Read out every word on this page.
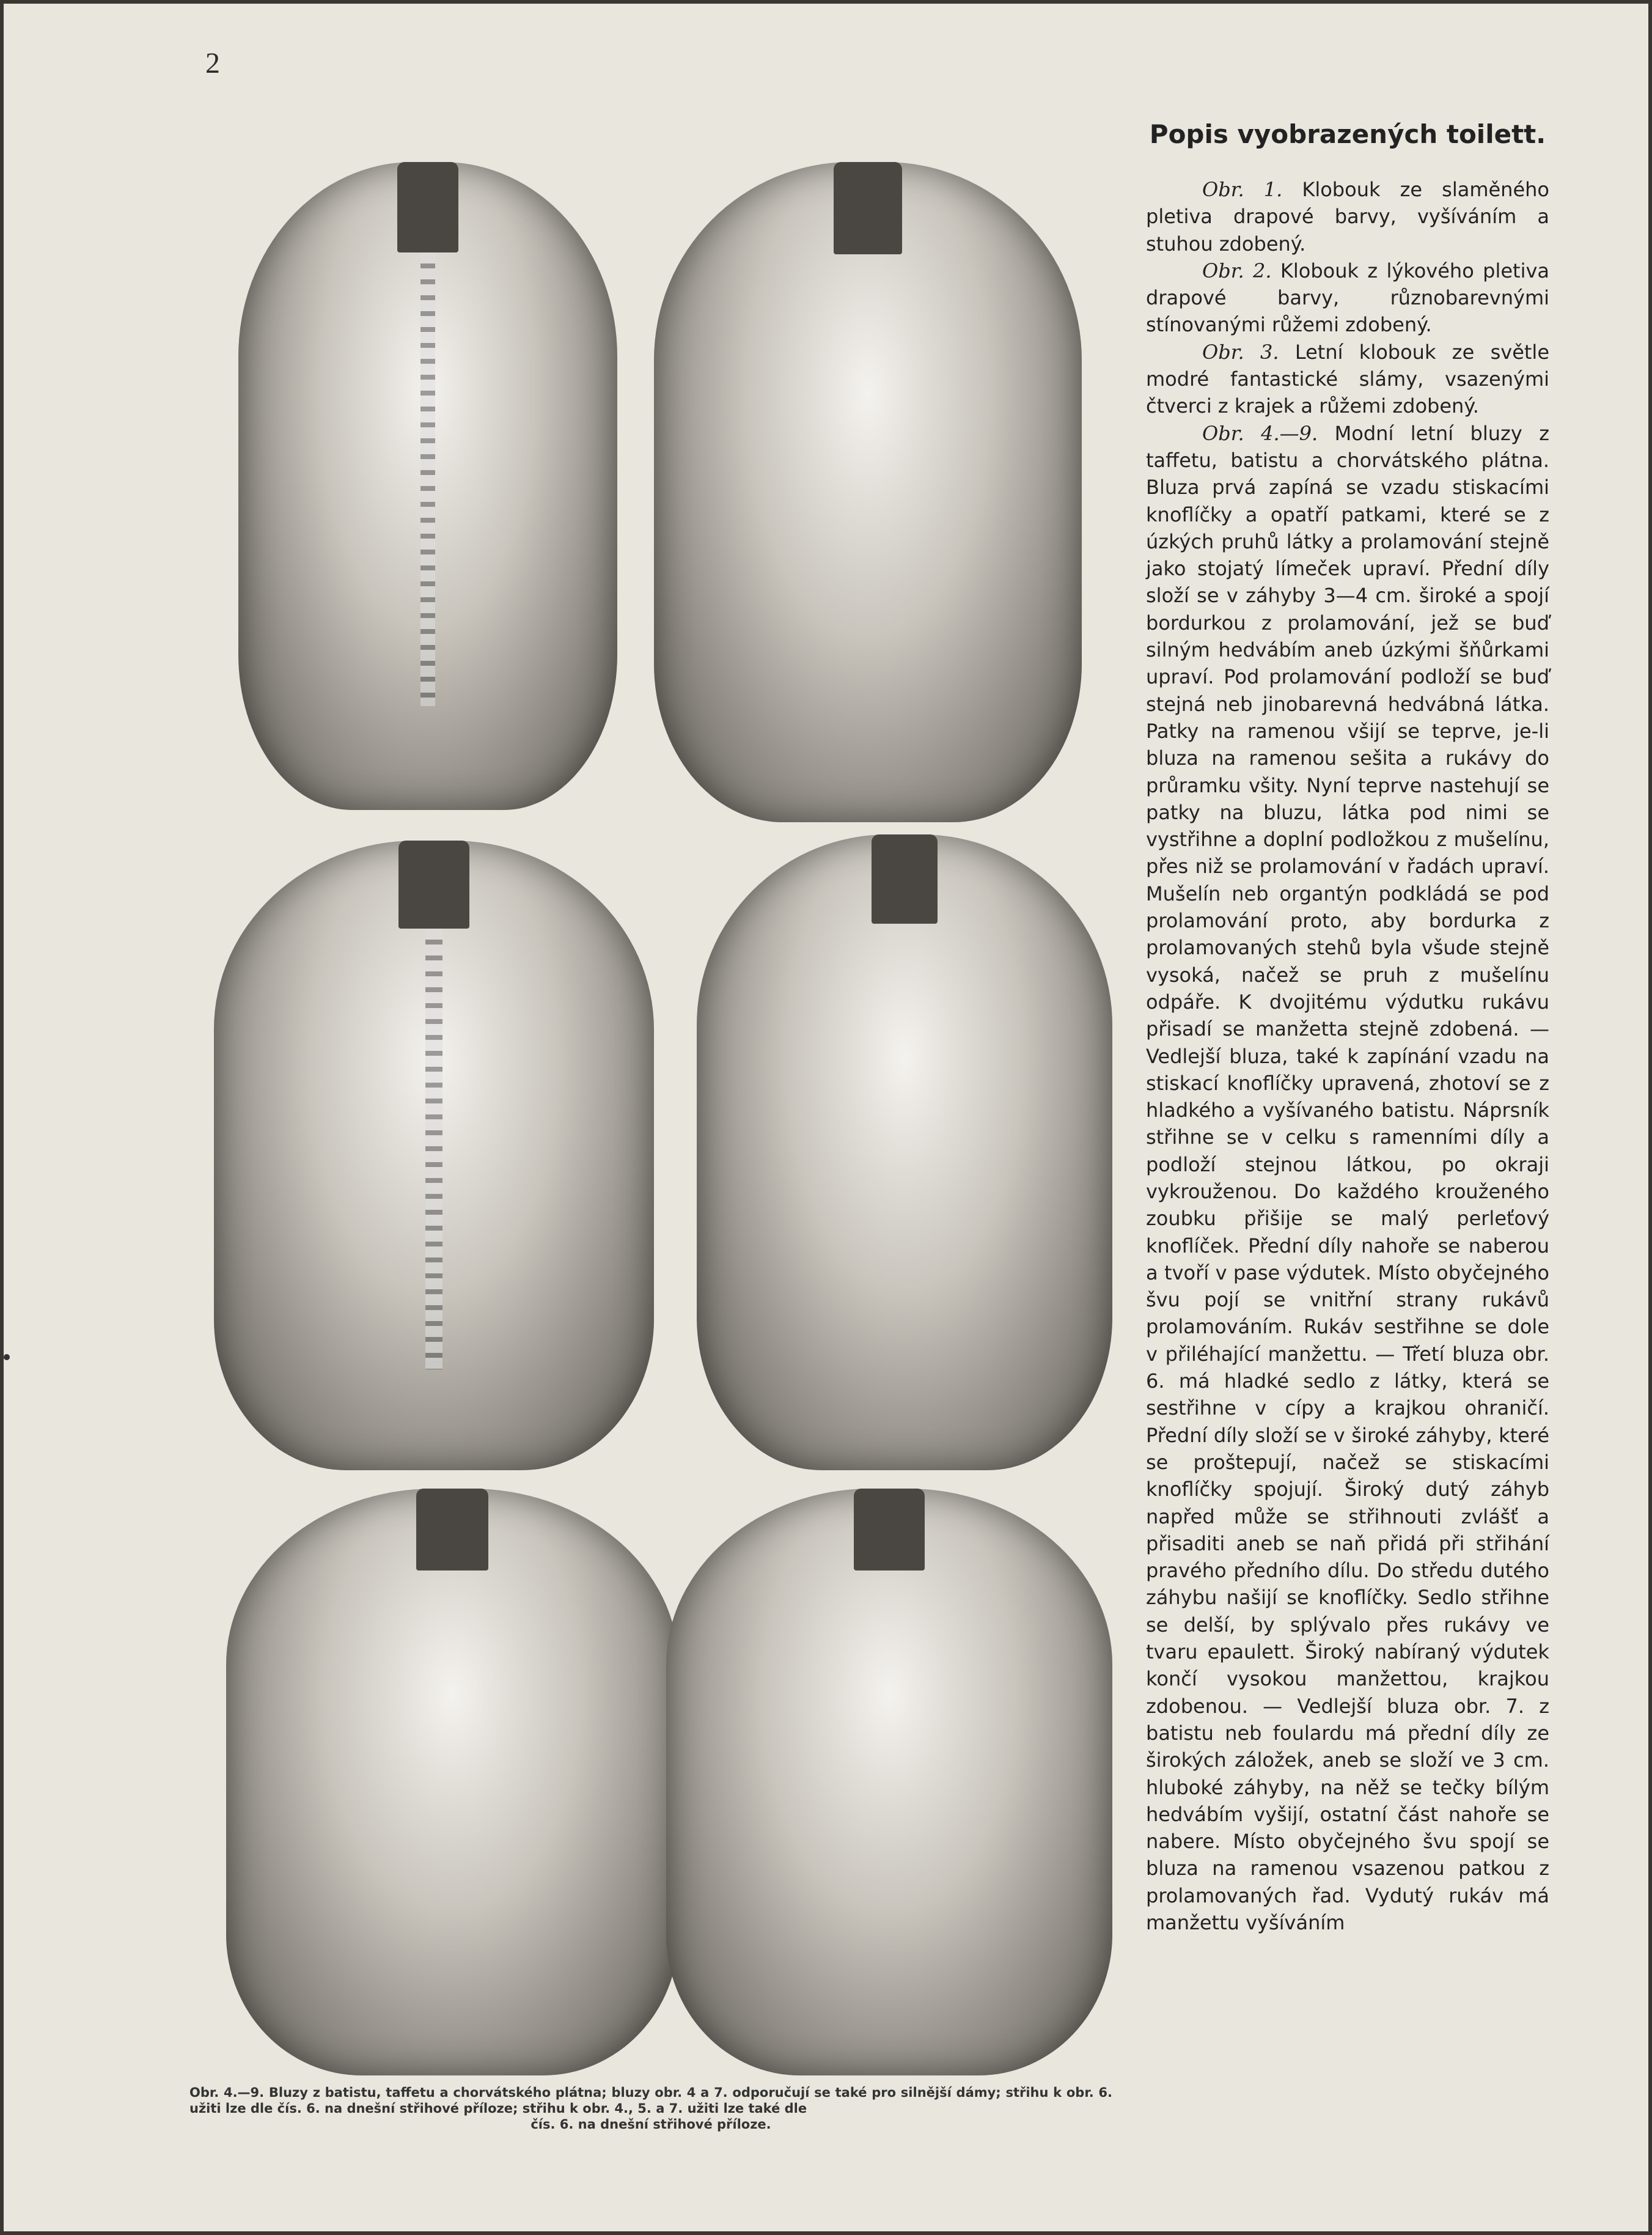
2
Obr. 4.—9. Bluzy z batistu, taffetu a chorvátského plátna; bluzy obr. 4 a 7. odporučují se také pro silnější dámy; střihu k obr. 6. užiti lze dle čís. 6. na dnešní střihové příloze; střihu k obr. 4., 5. a 7. užiti lze také dle
čís. 6. na dnešní střihové příloze.
Popis vyobrazených toilett.

Obr. 1. Klobouk ze slaměného pletiva drapové barvy, vyšíváním a stuhou zdobený.

Obr. 2. Klobouk z lýkového pletiva drapové barvy, různobarevnými stínovanými růžemi zdobený.

Obr. 3. Letní klobouk ze světle modré fantastické slámy, vsazenými čtverci z krajek a růžemi zdobený.

Obr. 4.—9. Modní letní bluzy z taffetu, batistu a chorvátského plátna. Bluza prvá zapíná se vzadu stiskacími knoflíčky a opatří patkami, které se z úzkých pruhů látky a prolamování stejně jako stojatý límeček upraví. Přední díly složí se v záhyby 3—4 cm. široké a spojí bordurkou z prolamování, jež se buď silným hedvábím aneb úzkými šňůrkami upraví. Pod prolamování podloží se buď stejná neb jinobarevná hedvábná látka. Patky na ramenou všijí se teprve, je-li bluza na ramenou sešita a rukávy do průramku všity. Nyní teprve nastehují se patky na bluzu, látka pod nimi se vystřihne a doplní podložkou z mušelínu, přes niž se prolamování v řadách upraví. Mušelín neb organtýn podkládá se pod prolamování proto, aby bordurka z prolamovaných stehů byla všude stejně vysoká, načež se pruh z mušelínu odpáře. K dvojitému výdutku rukávu přisadí se manžetta stejně zdobená. — Vedlejší bluza, také k zapínání vzadu na stiskací knoflíčky upravená, zhotoví se z hladkého a vyšívaného batistu. Náprsník střihne se v celku s ramenními díly a podloží stejnou látkou, po okraji vykrouženou. Do každého krouženého zoubku přišije se malý perleťový knoflíček. Přední díly nahoře se naberou a tvoří v pase výdutek. Místo obyčejného švu pojí se vnitřní strany rukávů prolamováním. Rukáv sestřihne se dole v přiléhající manžettu. — Třetí bluza obr. 6. má hladké sedlo z látky, která se sestřihne v cípy a krajkou ohraničí. Přední díly složí se v široké záhyby, které se proštepují, načež se stiskacími knoflíčky spojují. Široký dutý záhyb napřed může se střihnouti zvlášť a přisaditi aneb se naň přidá při střihání pravého předního dílu. Do středu dutého záhybu našijí se knoflíčky. Sedlo střihne se delší, by splývalo přes rukávy ve tvaru epaulett. Široký nabíraný výdutek končí vysokou manžettou, krajkou zdobenou. — Vedlejší bluza obr. 7. z batistu neb foulardu má přední díly ze širokých záložek, aneb se složí ve 3 cm. hluboké záhyby, na něž se tečky bílým hedvábím vyšijí, ostatní část nahoře se nabere. Místo obyčejného švu spojí se bluza na ramenou vsazenou patkou z prolamovaných řad. Vydutý rukáv má manžettu vyšíváním
